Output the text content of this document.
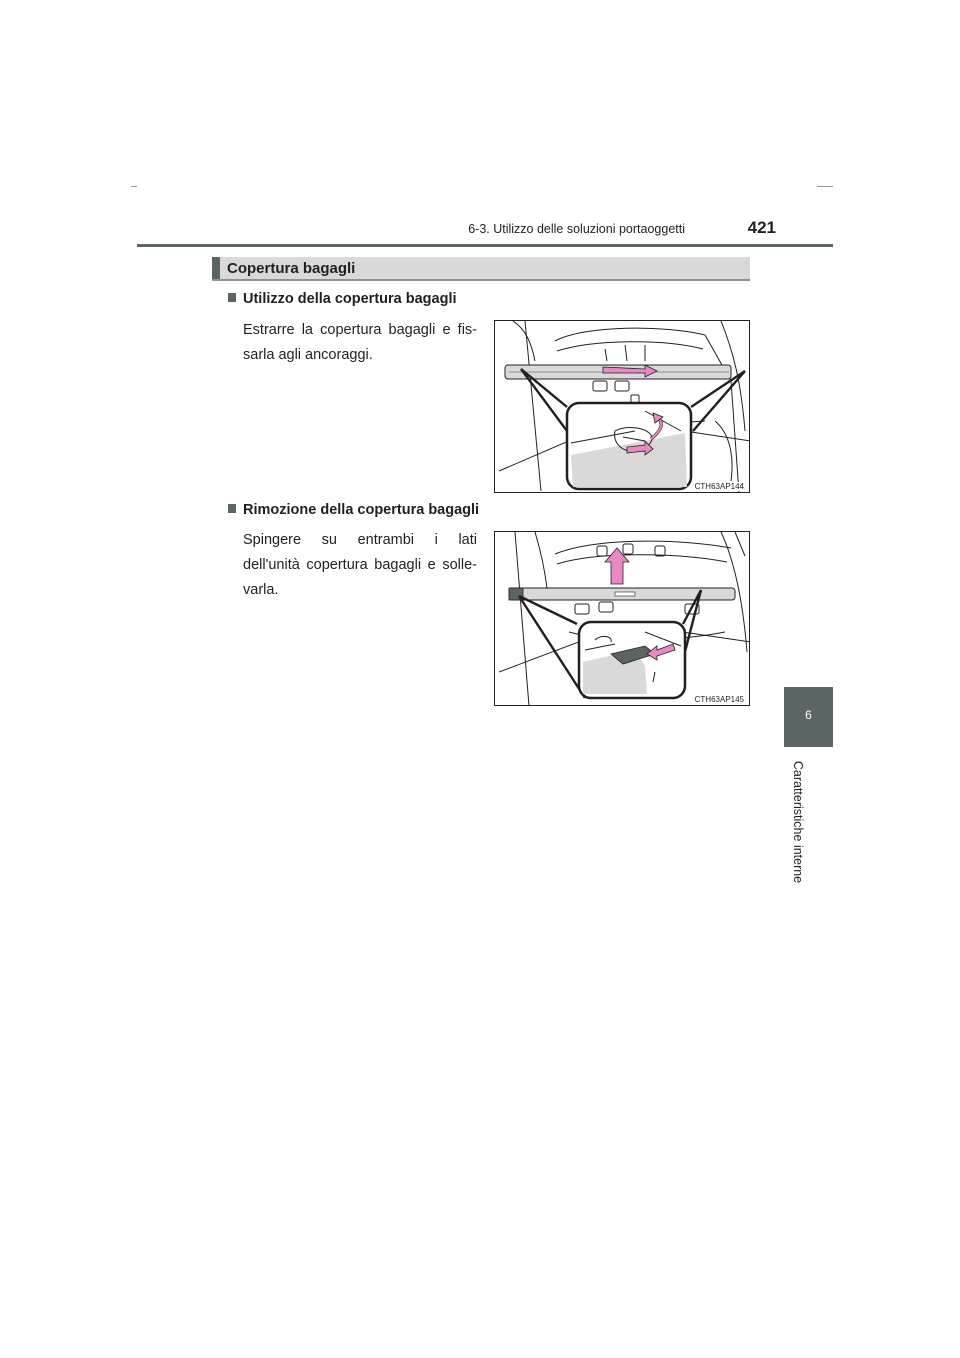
6-3. Utilizzo delle soluzioni portaoggetti	421
Copertura bagagli
Utilizzo della copertura bagagli

Estrarre la copertura bagagli e fis-
sarla agli ancoraggi.

CTH63AP144
Rimozione della copertura bagagli

Spingere su entrambi i lati
dell'unità copertura bagagli e solle-
varla.

CTH63AP145
6
Caratteristiche interne
